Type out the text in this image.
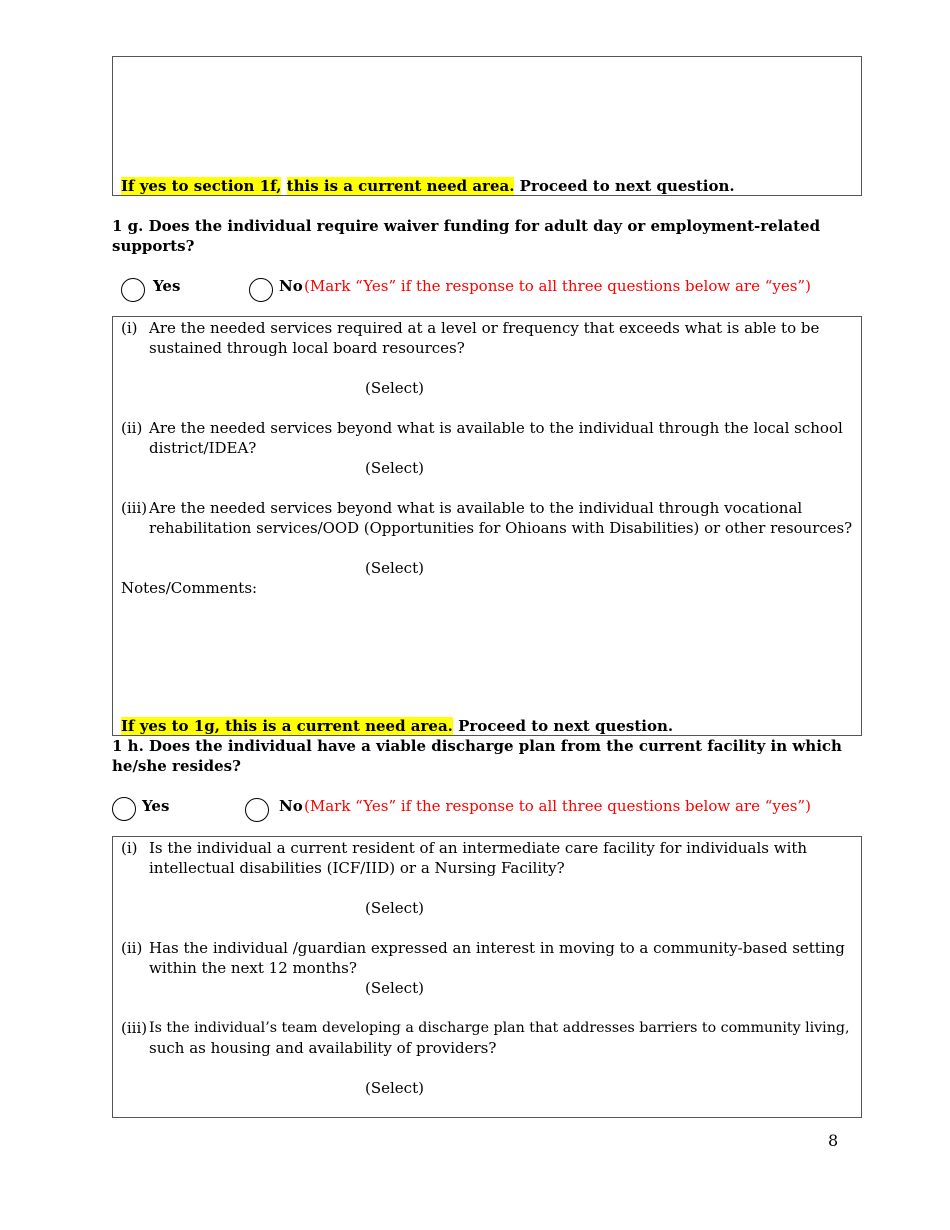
If yes to section 1f, this is a current need area. Proceed to next question.
1 g. Does the individual require waiver funding for adult day or employment-related
supports?
Yes	No (Mark “Yes” if the response to all three questions below are “yes”)
(i) Are the needed services required at a level or frequency that exceeds what is able to be
sustained through local board resources?
(Select)
(ii) Are the needed services beyond what is available to the individual through the local school
district/IDEA?
(Select)
(iii) Are the needed services beyond what is available to the individual through vocational
rehabilitation services/OOD (Opportunities for Ohioans with Disabilities) or other resources?
(Select)
Notes/Comments:
If yes to 1g, this is a current need area. Proceed to next question.
1 h. Does the individual have a viable discharge plan from the current facility in which
he/she resides?
Yes	No (Mark “Yes” if the response to all three questions below are “yes”)
(i) Is the individual a current resident of an intermediate care facility for individuals with
intellectual disabilities (ICF/IID) or a Nursing Facility?
(Select)
(ii) Has the individual /guardian expressed an interest in moving to a community-based setting
within the next 12 months?
(Select)
(iii) Is the individual’s team developing a discharge plan that addresses barriers to community living,
such as housing and availability of providers?
(Select)
8
